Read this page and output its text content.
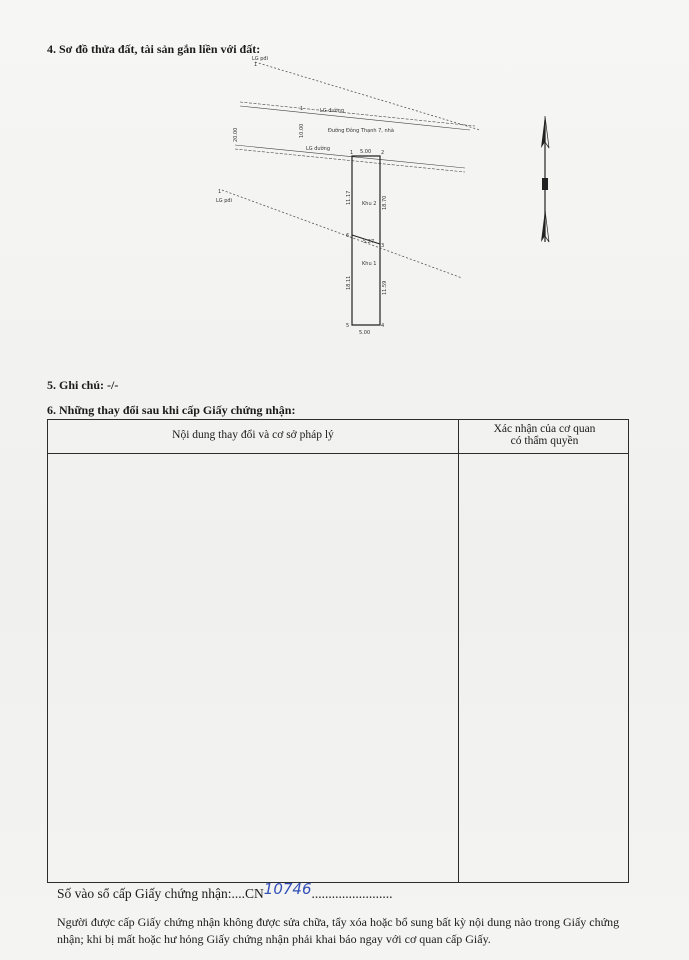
4. Sơ đồ thửa đất, tài sản gắn liền với đất:
LG pđi
1
LG đường
1
Đường Đông Thạnh 7, nhà
LG đường
20.00	10.00
LG pđi
1
5.00
1	2
Khu 2
Khu 1
11.17	18.70
18.11	11.59
5.27
6
3
5	4
5.00
5. Ghi chú: -/-
6. Những thay đổi sau khi cấp Giấy chứng nhận:
Nội dung thay đổi và cơ sở pháp lý	Xác nhận của cơ quan
có thẩm quyền
Số vào sổ cấp Giấy chứng nhận:....CN10746........................
Người được cấp Giấy chứng nhận không được sửa chữa, tẩy xóa hoặc bổ sung bất kỳ nội dung nào trong Giấy chứng nhận; khi bị mất hoặc hư hỏng Giấy chứng nhận phải khai báo ngay với cơ quan cấp Giấy.
